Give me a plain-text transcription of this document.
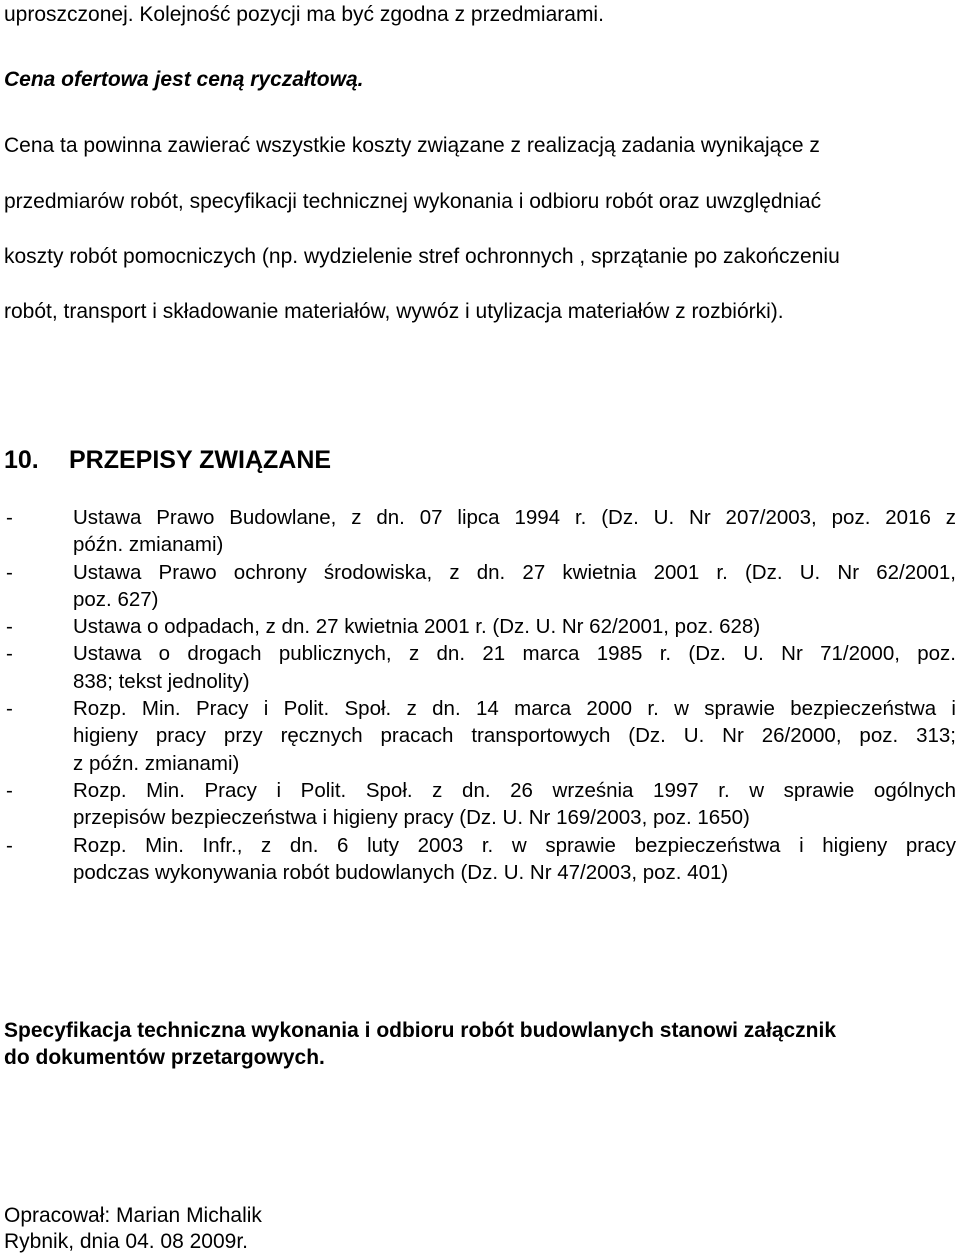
uproszczonej. Kolejność pozycji ma być zgodna z przedmiarami.
Cena ofertowa jest ceną ryczałtową.
Cena ta powinna zawierać wszystkie koszty związane z realizacją zadania wynikające z
przedmiarów robót, specyfikacji technicznej wykonania i odbioru robót oraz uwzględniać
koszty robót pomocniczych (np. wydzielenie stref ochronnych , sprzątanie po zakończeniu
robót, transport i składowanie materiałów, wywóz i utylizacja materiałów z rozbiórki).
10. PRZEPISY ZWIĄZANE
-	Ustawa Prawo Budowlane, z dn. 07 lipca 1994 r. (Dz. U. Nr 207/2003, poz. 2016 z
późn. zmianami)
-	Ustawa Prawo ochrony środowiska, z dn. 27 kwietnia 2001 r. (Dz. U. Nr 62/2001,
poz. 627)
-	Ustawa o odpadach, z dn. 27 kwietnia 2001 r. (Dz. U. Nr 62/2001, poz. 628)
-	Ustawa o drogach publicznych, z dn. 21 marca 1985 r. (Dz. U. Nr 71/2000, poz.
838; tekst jednolity)
-	Rozp. Min. Pracy i Polit. Społ. z dn. 14 marca 2000 r. w sprawie bezpieczeństwa i
higieny pracy przy ręcznych pracach transportowych (Dz. U. Nr 26/2000, poz. 313;
z późn. zmianami)
-	Rozp. Min. Pracy i Polit. Społ. z dn. 26 września 1997 r. w sprawie ogólnych
przepisów bezpieczeństwa i higieny pracy (Dz. U. Nr 169/2003, poz. 1650)
-	Rozp. Min. Infr., z dn. 6 luty 2003 r. w sprawie bezpieczeństwa i higieny pracy
podczas wykonywania robót budowlanych (Dz. U. Nr 47/2003, poz. 401)
Specyfikacja techniczna wykonania i odbioru robót budowlanych stanowi załącznik
do dokumentów przetargowych.
Opracował: Marian Michalik
Rybnik, dnia 04. 08 2009r.
